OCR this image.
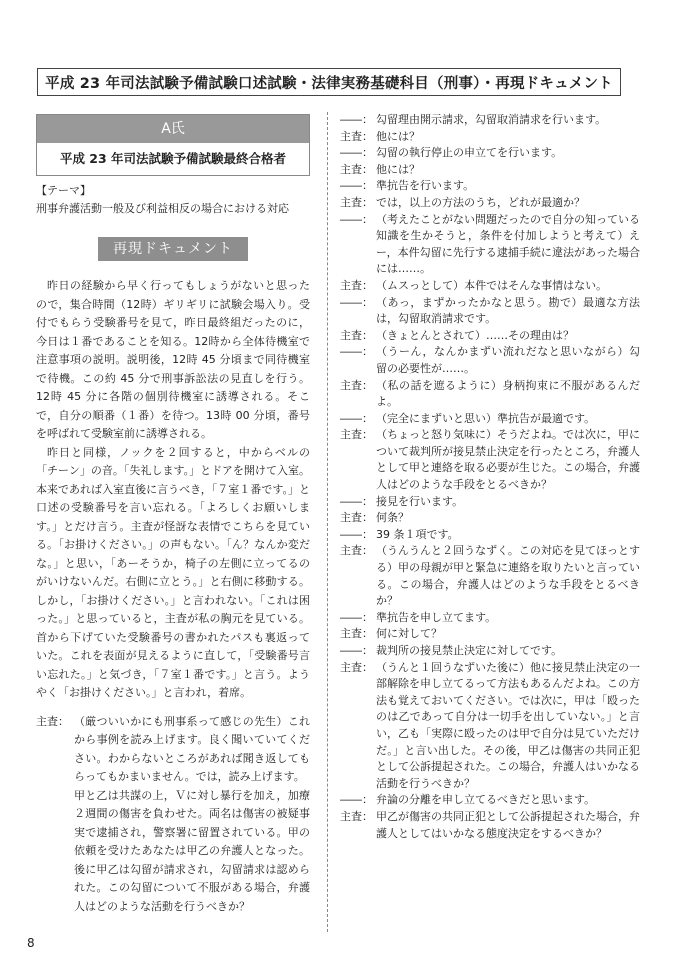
平成 23 年司法試験予備試験口述試験・法律実務基礎科目（刑事）・再現ドキュメント
A氏
平成 23 年司法試験予備試験最終合格者
【テーマ】
刑事弁護活動一般及び利益相反の場合における対応
再現ドキュメント

昨日の経験から早く行ってもしょうがないと思ったので，集合時間（12時）ギリギリに試験会場入り。受付でもらう受験番号を見て，昨日最終組だったのに，今日は１番であることを知る。12時から全体待機室で注意事項の説明。説明後，12時 45 分頃まで同待機室で待機。この約 45 分で刑事訴訟法の見直しを行う。12時 45 分に各階の個別待機室に誘導される。そこで，自分の順番（１番）を待つ。13時 00 分頃，番号を呼ばれて受験室前に誘導される。

昨日と同様，ノックを２回すると，中からベルの「チーン」の音。「失礼します。」とドアを開けて入室。本来であれば入室直後に言うべき，「７室１番です。」と口述の受験番号を言い忘れる。「よろしくお願いします。」とだけ言う。主査が怪訝な表情でこちらを見ている。「お掛けください。」の声もない。「ん？なんか変だな。」と思い，「あーそうか，椅子の左側に立ってるのがいけないんだ。右側に立とう。」と右側に移動する。しかし，「お掛けください。」と言われない。「これは困った。」と思っていると，主査が私の胸元を見ている。首から下げていた受験番号の書かれたパスも裏返っていた。これを表面が見えるように直して，「受験番号言い忘れた。」と気づき，「７室１番です。」と言う。ようやく「お掛けください。」と言われ，着席。

主査： （厳ついいかにも刑事系って感じの先生）これから事例を読み上げます。良く聞いていてください。わからないところがあれば聞き返してもらってもかまいません。では，読み上げます。
甲と乙は共謀の上，Ｖに対し暴行を加え，加療２週間の傷害を負わせた。両名は傷害の被疑事実で逮捕され，警察署に留置されている。甲の依頼を受けたあなたは甲乙の弁護人となった。後に甲乙は勾留が請求され，勾留請求は認められた。この勾留について不服がある場合，弁護人はどのような活動を行うべきか？
――： 勾留理由開示請求，勾留取消請求を行います。
主査： 他には？
――： 勾留の執行停止の申立てを行います。
主査： 他には？
――： 準抗告を行います。
主査： では，以上の方法のうち，どれが最適か？
――： （考えたことがない問題だったので自分の知っている知識を生かそうと，条件を付加しようと考えて）えー，本件勾留に先行する逮捕手続に違法があった場合には……。
主査： （ムスっとして）本件ではそんな事情はない。
――： （あっ，まずかったかなと思う。勘で）最適な方法は，勾留取消請求です。
主査： （きょとんとされて）……その理由は？
――： （うーん，なんかまずい流れだなと思いながら）勾留の必要性が……。
主査： （私の話を遮るように）身柄拘束に不服があるんだよ。
――： （完全にまずいと思い）準抗告が最適です。
主査： （ちょっと怒り気味に）そうだよね。では次に，甲について裁判所が接見禁止決定を行ったところ，弁護人として甲と連絡を取る必要が生じた。この場合，弁護人はどのような手段をとるべきか？
――： 接見を行います。
主査： 何条？
――： 39 条１項です。
主査： （うんうんと２回うなずく。この対応を見てほっとする）甲の母親が甲と緊急に連絡を取りたいと言っている。この場合，弁護人はどのような手段をとるべきか？
――： 準抗告を申し立てます。
主査： 何に対して？
――： 裁判所の接見禁止決定に対してです。
主査： （うんと１回うなずいた後に）他に接見禁止決定の一部解除を申し立てるって方法もあるんだよね。この方法も覚えておいてください。では次に，甲は「殴ったのは乙であって自分は一切手を出していない。」と言い，乙も「実際に殴ったのは甲で自分は見ていただけだ。」と言い出した。その後，甲乙は傷害の共同正犯として公訴提起された。この場合，弁護人はいかなる活動を行うべきか？
――： 弁論の分離を申し立てるべきだと思います。
主査： 甲乙が傷害の共同正犯として公訴提起された場合，弁護人としてはいかなる態度決定をするべきか？
8
